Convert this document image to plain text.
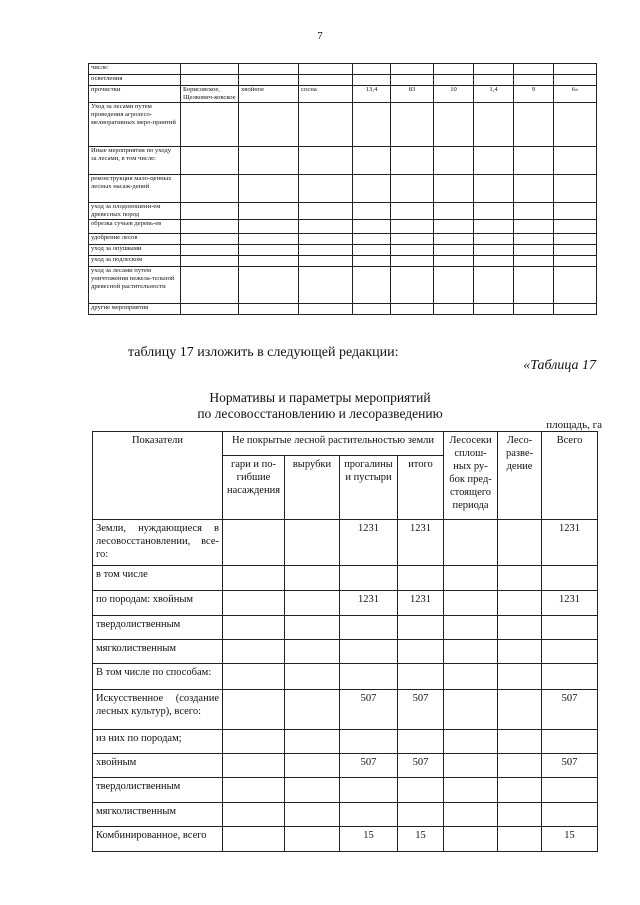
7
числе:									
осветления									
прочистки	Борисовское, Щелкович-ковское	хвойное	сосна	13,4	83	10	1,4	9	6»
Уход за лесами путем проведения агролесо-мелиоративных меро-приятий									
Иные мероприятия по уходу за лесами, в том числе:									
реконструкция мало-ценных лесных насаж-дений									
уход за плодоношени-ем древесных пород									
обрезка сучьев деревь-ев									
удобрение лесов									
уход за опушками									
уход за подлеском									
уход за лесами путем уничтожения нежела-тельной древесной растительности									
другие мероприятия									
таблицу 17 изложить в следующей редакции:
«Таблица 17
Нормативы и параметры мероприятий
по лесовосстановлению и лесоразведению
площадь, га
Показатели	Не покрытые лесной растительностью земли				Лесосеки сплош-ных ру-бок пред-стоящего периода	Лесо-разве-дение	Всего
	гари и по-гибшие насаждения	вырубки	прогалины и пустыри	итого			
Земли, нуждающиеся в лесовосстановлении, все-го:			1231	1231			1231
в том числе							
по породам: хвойным			1231	1231			1231
твердолиственным							
мягколиственным							
В том числе по способам:							
Искусственное (создание лесных культур), всего:			507	507			507
из них по породам;							
хвойным			507	507			507
твердолиственным							
мягколиственным							
Комбинированное, всего			15	15			15
